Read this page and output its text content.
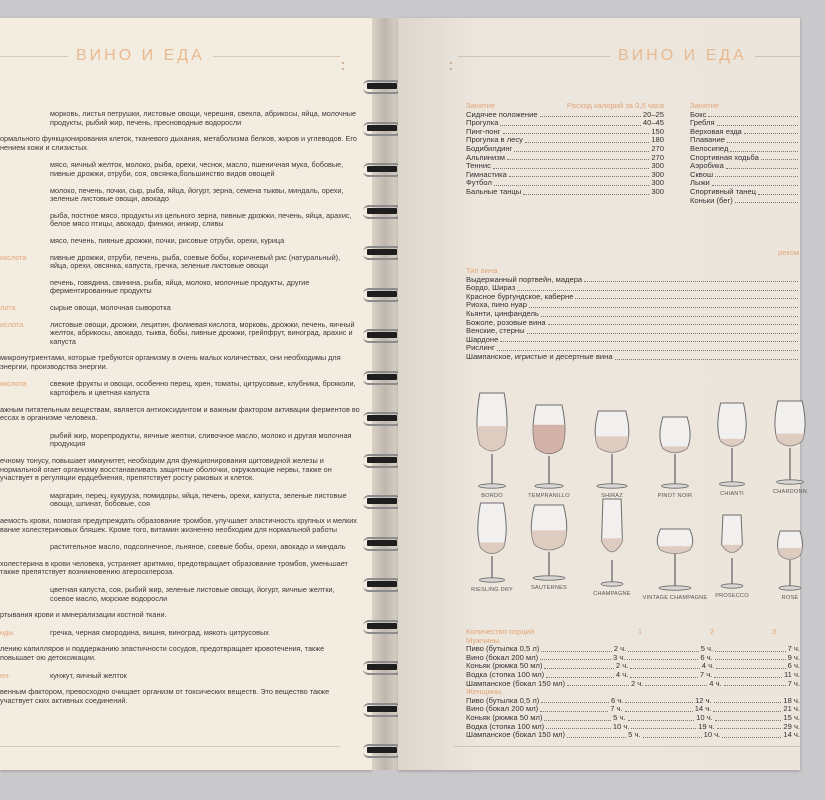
ВИНО И ЕДА
морковь, листья петрушки, листовые овощи, черешня, свекла, абрикосы, яйца, молочные продукты, рыбий жир, печень, пресноводные водоросли
ормального функционирования клеток, тканевого дыхания, метаболизма белков, жиров и углеводов. Его нением кожи и слизистых.
мясо, яичный желток, молоко, рыба, орехи, чеснок, масло, пшеничная мука, бобовые, пивные дрожжи, отруби, соя, овсянка,большинство видов овощей
молоко, печень, почки, сыр, рыба, яйца, йогурт, зерна, семена тыквы, миндаль, орехи, зеленые листовые овощи, авокадо
рыба, постное мясо, продукты из цельного зерна, пивные дрожжи, печень, яйца, арахис, белое мясо птицы, авокадо, финики, инжир, сливы
мясо, печень, пивные дрожжи, почки, рисовые отруби, орехи, курица
кислота	пивные дрожжи, отруби, печень, рыба, соевые бобы, коричневый рис (натуральный), яйца, орехи, овсянка, капуста, гречка, зеленые листовые овощи
печень, говядина, свинина, рыба, яйца, молоко, молочные продукты, другие ферментированные продукты
лота	сырые овощи, молочная сыворотка
ислота	листовые овощи, дрожжи, лецитин, фолиевая кислота, морковь, дрожжи, печень, яичный желток, абрикосы, авокадо, тыква, бобы, пивные дрожжи, грейпфрут, виноград, арахис и капуста
микронутриентами, которые требуются организму в очень малых количествах, они необходимы для энергии, производства энергии.
кислота	свежие фрукты и овощи, особенно перец, хрен, томаты, цитрусовые, клубника, брокколи, картофель и цветная капуста
ажным питательным веществам, является антиоксидантом и важным фактором активации ферментов во ессах в организме человека.
рыбий жир, морепродукты, яичные желтки, сливочное масло, молоко и другая молочная продукция
ечному тонусу, повышает иммунитет, необходим для функционирования щитовидной железы и нормальной огает организму восстанавливать защитные оболочки, окружающие нервы, также он участвует в регуляции ердцебиения, препятствует росту раковых и клеток.
маргарин, перец, кукуруза, помидоры, яйца, печень, орехи, капуста, зеленые листовые овощи, шпинат, бобовые, соя
аемость крови, помогая предупреждать образование тромбов, улучшает эластичность крупных и мелких вание холестериновых бляшек. Кроме того, витамин жизненно необходим для нормальной работы
растительное масло, подсолнечное, льняное, соевые бобы, орехи, авокадо и миндаль
холестерина в крови человека, устраняет аритмию, предотвращает образование тромбов, уменьшает также препятствует возникновению атеросклероза.
цветная капуста, соя, рыбий жир, зеленые листовые овощи, йогурт, яичные желтки, соевое масло, морские водоросли
ртывания крови и минерализации костной ткани.
нды	гречка, черная смородина, вишня, виноград, мякоть цитрусовых
лению капилляров и поддержанию эластичности сосудов, предотвращает кровотечения, также повышает ою детоксикации.
ен-	кунжут, яичный желток
венным фактором, превосходно очищает организм от токсических веществ. Это вещество также участвует ских активных соединений.
ВИНО И ЕДА
Занятие	Расход калорий за 0,5 часа
Сидячее положение	20–25
Прогулка	40–45
Пинг-понг	150
Прогулка в лесу	180
Бодибилдинг	270
Альпинизм	270
Теннис	300
Гимнастика	300
Футбол	300
Бальные танцы	300
Занятие
Бокс
Гребля
Верховая езда
Плавание
Велосипед
Спортивная ходьба
Аэробика
Сквош
Лыжи
Спортивный танец
Коньки (бег)
Тип вина
Выдержанный портвейн, мадера
Бордо, Шираз
Красное бургундское, каберне
Риохa, пино нуар
Кьянти, цинфандель
Божоле, розовые вина
Венские, стерны
Шардоне
Рислинг
Шампанское, игристые и десертные вина
реком
Количество порций	1	2	3
Мужчины
Пиво (бутылка 0,5 л)	2 ч.	5 ч.	7 ч.
Вино (бокал 200 мл)	3 ч.	6 ч.	9 ч.
Коньяк (рюмка 50 мл)	2 ч.	4 ч.	6 ч.
Водка (стопка 100 мл)	4 ч.	7 ч.	11 ч.
Шампанское (бокал 150 мл)	2 ч.	4 ч.	7 ч.
Женщины
Пиво (бутылка 0,5 л)	6 ч.	12 ч.	18 ч.
Вино (бокал 200 мл)	7 ч.	14 ч.	21 ч.
Коньяк (рюмка 50 мл)	5 ч.	10 ч.	15 ч.
Водка (стопка 100 мл)	10 ч.	19 ч.	29 ч.
Шампанское (бокал 150 мл)	5 ч.	10 ч.	14 ч.
BORDO	TEMPRANILLO	SHIRAZ	PINOT NOIR	CHIANTI	CHARDONN
RIESLING DRY	SAUTERNES
CHAMPAGNE
VINTAGE CHAMPAGNE	PROSECCO	ROSÉ
